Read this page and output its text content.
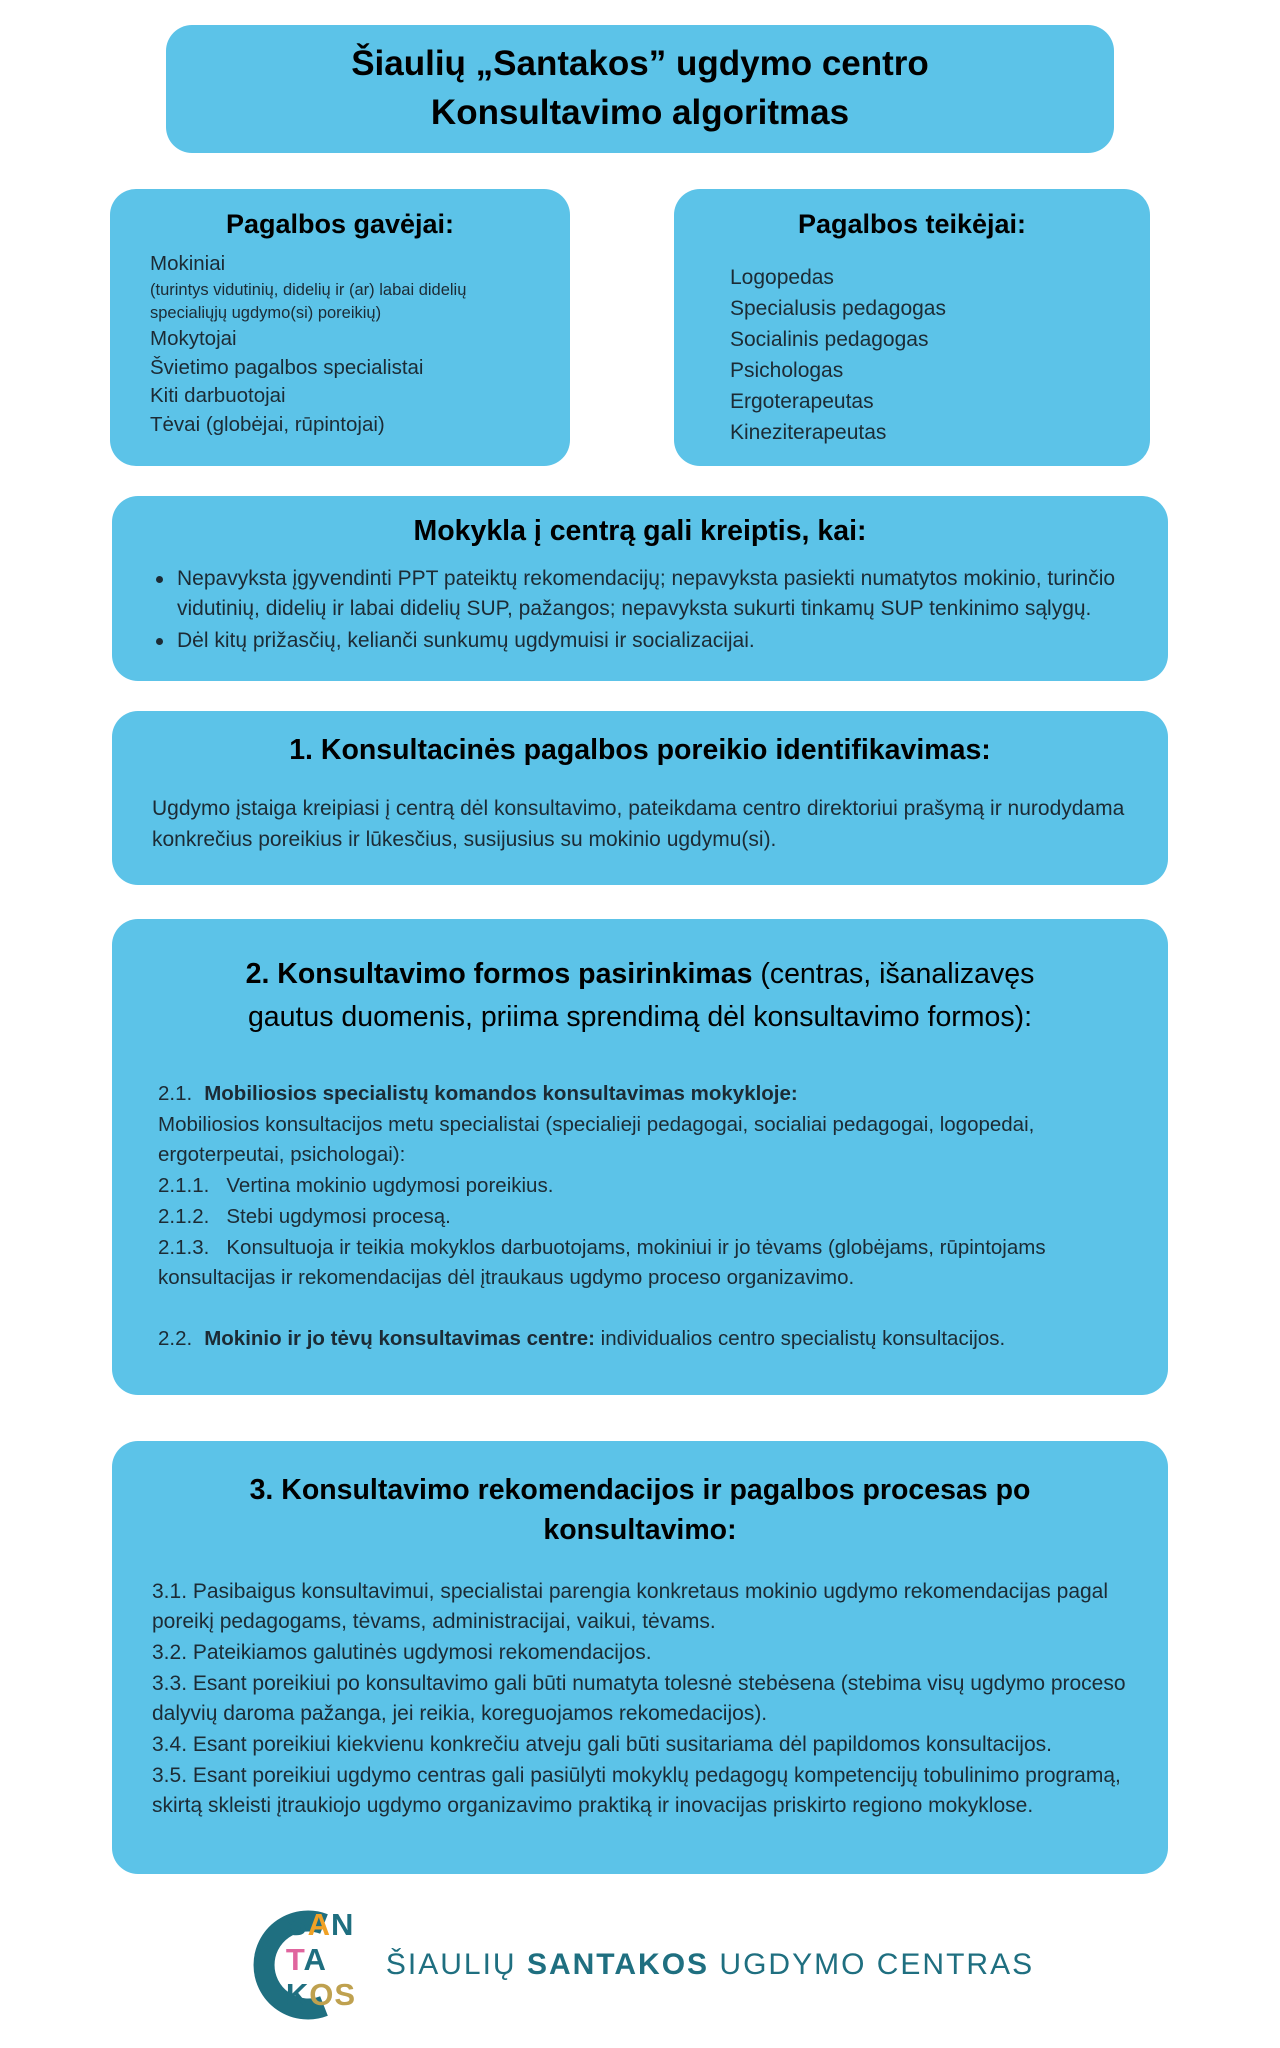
Šiaulių „Santakos” ugdymo centro
Konsultavimo algoritmas
Pagalbos gavėjai:
Mokiniai
(turintys vidutinių, didelių ir (ar) labai didelių specialiųjų ugdymo(si) poreikių)
Mokytojai
Švietimo pagalbos specialistai
Kiti darbuotojai
Tėvai (globėjai, rūpintojai)
Pagalbos teikėjai:
Logopedas
Specialusis pedagogas
Socialinis pedagogas
Psichologas
Ergoterapeutas
Kineziterapeutas
Mokykla į centrą gali kreiptis, kai:
Nepavyksta įgyvendinti PPT pateiktų rekomendacijų; nepavyksta pasiekti numatytos mokinio, turinčio vidutinių, didelių ir labai didelių SUP, pažangos; nepavyksta sukurti tinkamų SUP tenkinimo sąlygų.
Dėl kitų prižasčių, kelianči sunkumų ugdymuisi ir socializacijai.
1. Konsultacinės pagalbos poreikio identifikavimas:
Ugdymo įstaiga kreipiasi į centrą dėl konsultavimo, pateikdama centro direktoriui prašymą ir nurodydama konkrečius poreikius ir lūkesčius, susijusius su mokinio ugdymu(si).
2. Konsultavimo formos pasirinkimas (centras, išanalizavęs
gautus duomenis, priima sprendimą dėl konsultavimo formos):
2.1. Mobiliosios specialistų komandos konsultavimas mokykloje:
Mobiliosios konsultacijos metu specialistai (specialieji pedagogai, socialiai pedagogai, logopedai, ergoterpeutai, psichologai):
2.1.1.   Vertina mokinio ugdymosi poreikius.
2.1.2.   Stebi ugdymosi procesą.
2.1.3.   Konsultuoja ir teikia mokyklos darbuotojams, mokiniui ir jo tėvams (globėjams, rūpintojams konsultacijas ir rekomendacijas dėl įtraukaus ugdymo proceso organizavimo.
2.2. Mokinio ir jo tėvų konsultavimas centre: individualios centro specialistų konsultacijos.
3. Konsultavimo rekomendacijos ir pagalbos procesas po
konsultavimo:
3.1. Pasibaigus konsultavimui, specialistai parengia konkretaus mokinio ugdymo rekomendacijas pagal poreikį pedagogams, tėvams, administracijai, vaikui, tėvams.
3.2. Pateikiamos galutinės ugdymosi rekomendacijos.
3.3. Esant poreikiui po konsultavimo gali būti numatyta tolesnė stebėsena (stebima visų ugdymo proceso dalyvių daroma pažanga, jei reikia, koreguojamos rekomedacijos).
3.4. Esant poreikiui kiekvienu konkrečiu atveju gali būti susitariama dėl papildomos konsultacijos.
3.5. Esant poreikiui ugdymo centras gali pasiūlyti mokyklų pedagogų kompetencijų tobulinimo programą, skirtą skleisti įtraukiojo ugdymo organizavimo praktiką ir inovacijas priskirto regiono mokyklose.
SAN
TA
KOS
ŠIAULIŲ SANTAKOS UGDYMO CENTRAS
